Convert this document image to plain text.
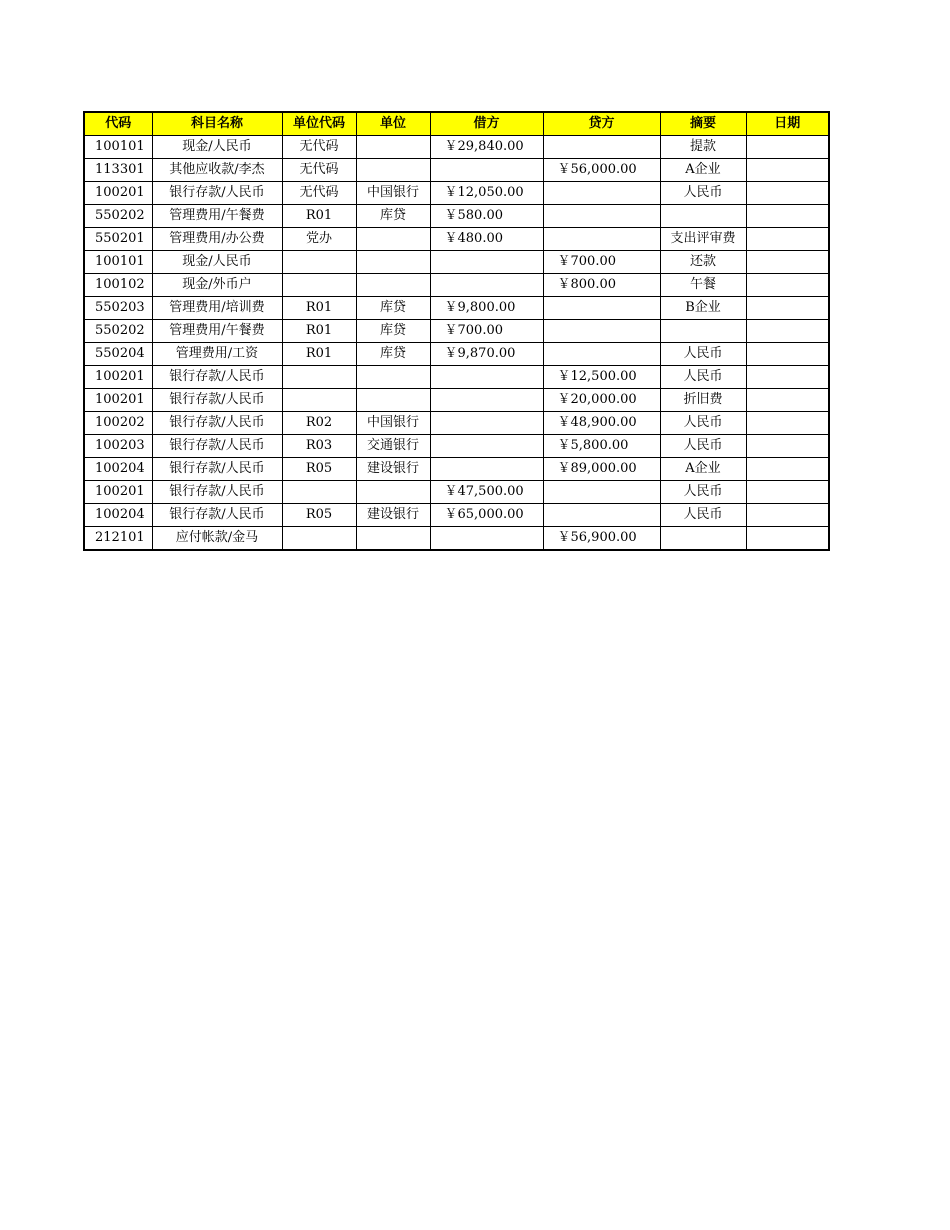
代码	科目名称	单位代码	单位	借方	贷方	摘要	日期
100101	现金/人民币	无代码		￥29,840.00		提款	
113301	其他应收款/李杰	无代码			￥56,000.00	A企业	
100201	银行存款/人民币	无代码	中国银行	￥12,050.00		人民币	
550202	管理费用/午餐费	R01	库贷	￥580.00			
550201	管理费用/办公费	党办		￥480.00		支出评审费	
100101	现金/人民币				￥700.00	还款	
100102	现金/外币户				￥800.00	午餐	
550203	管理费用/培训费	R01	库贷	￥9,800.00		B企业	
550202	管理费用/午餐费	R01	库贷	￥700.00			
550204	管理费用/工资	R01	库贷	￥9,870.00		人民币	
100201	银行存款/人民币				￥12,500.00	人民币	
100201	银行存款/人民币				￥20,000.00	折旧费	
100202	银行存款/人民币	R02	中国银行		￥48,900.00	人民币	
100203	银行存款/人民币	R03	交通银行		￥5,800.00	人民币	
100204	银行存款/人民币	R05	建设银行		￥89,000.00	A企业	
100201	银行存款/人民币			￥47,500.00		人民币	
100204	银行存款/人民币	R05	建设银行	￥65,000.00		人民币	
212101	应付帐款/金马				￥56,900.00		
